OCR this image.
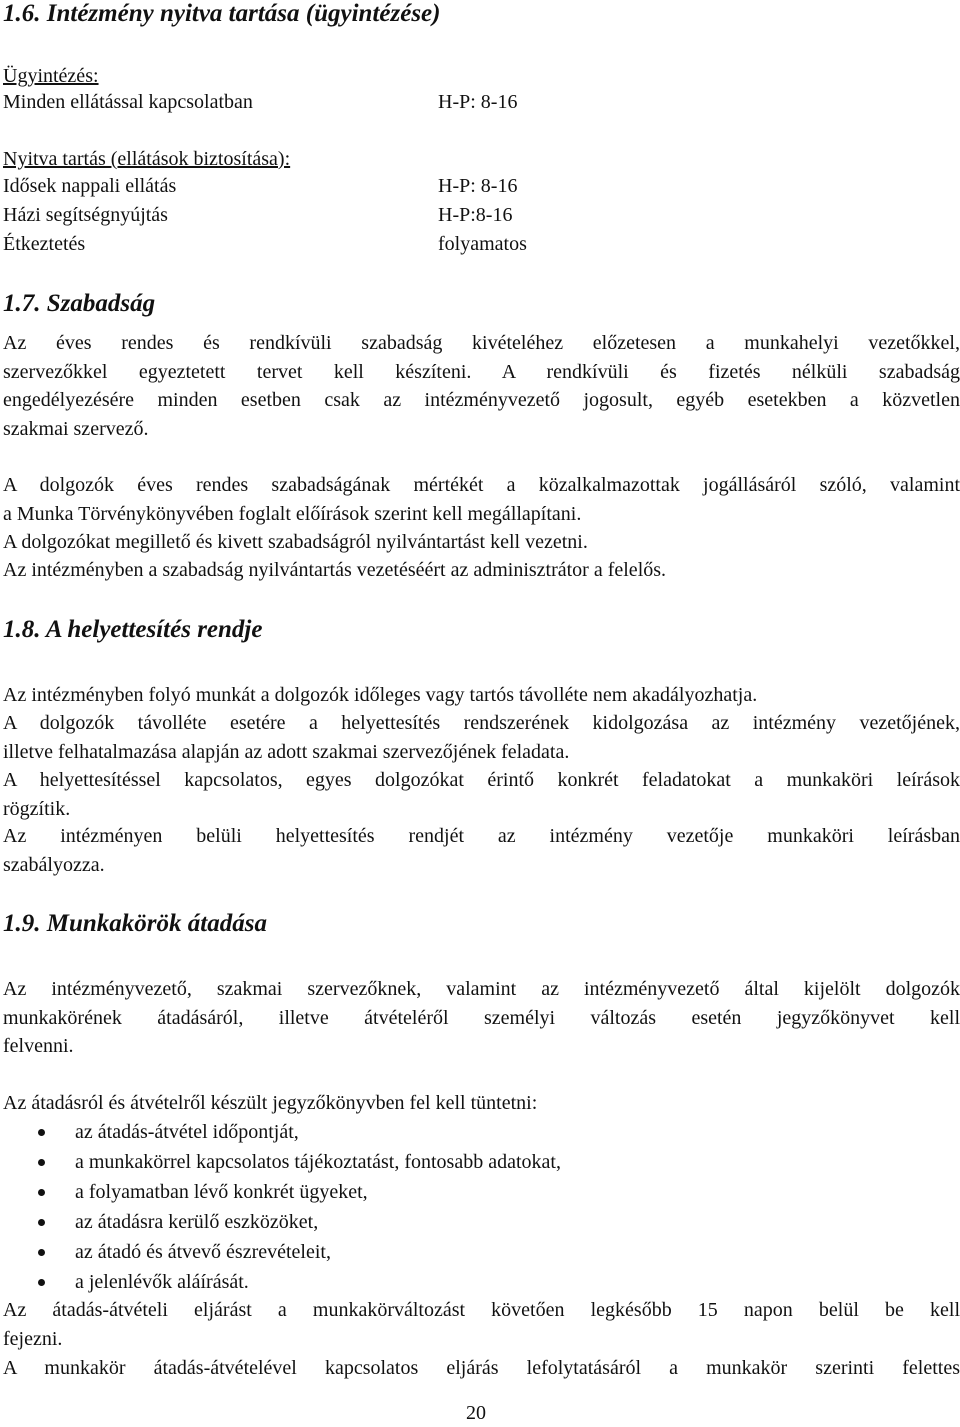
1.6. Intézmény nyitva tartása (ügyintézése)
Ügyintézés:
Minden ellátással kapcsolatban	H-P: 8-16
Nyitva tartás (ellátások biztosítása):
Idősek nappali ellátás	H-P: 8-16
Házi segítségnyújtás	H-P:8-16
Étkeztetés	folyamatos
1.7. Szabadság
Az éves rendes és rendkívüli szabadság kivételéhez előzetesen a munkahelyi vezetőkkel,
szervezőkkel egyeztetett tervet kell készíteni. A rendkívüli és fizetés nélküli szabadság
engedélyezésére minden esetben csak az intézményvezető jogosult, egyéb esetekben a közvetlen
szakmai szervező.
A dolgozók éves rendes szabadságának mértékét a közalkalmazottak jogállásáról szóló, valamint
a Munka Törvénykönyvében foglalt előírások szerint kell megállapítani.
A dolgozókat megillető és kivett szabadságról nyilvántartást kell vezetni.
Az intézményben a szabadság nyilvántartás vezetéséért az adminisztrátor a felelős.
1.8. A helyettesítés rendje
Az intézményben folyó munkát a dolgozók időleges vagy tartós távolléte nem akadályozhatja.
A dolgozók távolléte esetére a helyettesítés rendszerének kidolgozása az intézmény vezetőjének,
illetve felhatalmazása alapján az adott szakmai szervezőjének feladata.
A helyettesítéssel kapcsolatos, egyes dolgozókat érintő konkrét feladatokat a munkaköri leírások
rögzítik.
Az intézményen belüli helyettesítés rendjét az intézmény vezetője munkaköri leírásban
szabályozza.
1.9. Munkakörök átadása
Az intézményvezető, szakmai szervezőknek, valamint az intézményvezető által kijelölt dolgozók
munkakörének átadásáról, illetve átvételéről személyi változás esetén jegyzőkönyvet kell
felvenni.
Az átadásról és átvételről készült jegyzőkönyvben fel kell tüntetni:
az átadás-átvétel időpontját,
a munkakörrel kapcsolatos tájékoztatást, fontosabb adatokat,
a folyamatban lévő konkrét ügyeket,
az átadásra kerülő eszközöket,
az átadó és átvevő észrevételeit,
a jelenlévők aláírását.
Az átadás-átvételi eljárást a munkakörváltozást követően legkésőbb 15 napon belül be kell
fejezni.
A munkakör átadás-átvételével kapcsolatos eljárás lefolytatásáról a munkakör szerinti felettes
20
